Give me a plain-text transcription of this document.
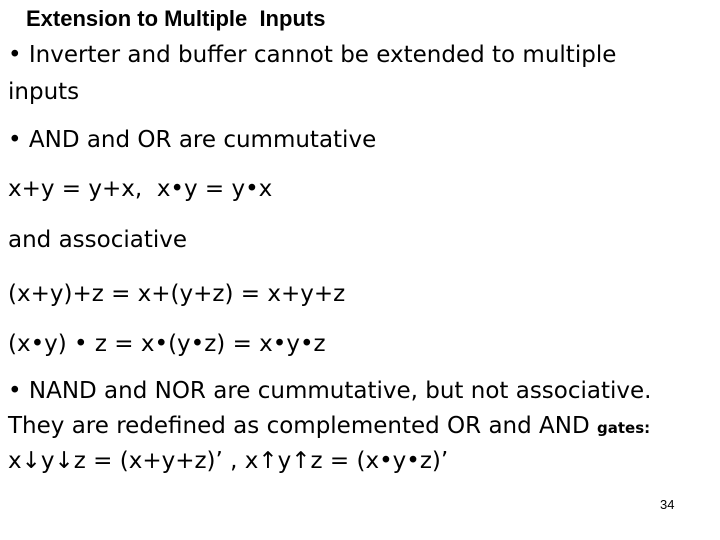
Extension to Multiple  Inputs
• Inverter and buffer cannot be extended to multiple
inputs
• AND and OR are cummutative
x+y = y+x,  x•y = y•x
and associative
(x+y)+z = x+(y+z) = x+y+z
(x•y) • z = x•(y•z) = x•y•z
• NAND and NOR are cummutative, but not associative.
They are redefined as complemented OR and AND gates:
x↓y↓z = (x+y+z)’ , x↑y↑z = (x•y•z)’
34
